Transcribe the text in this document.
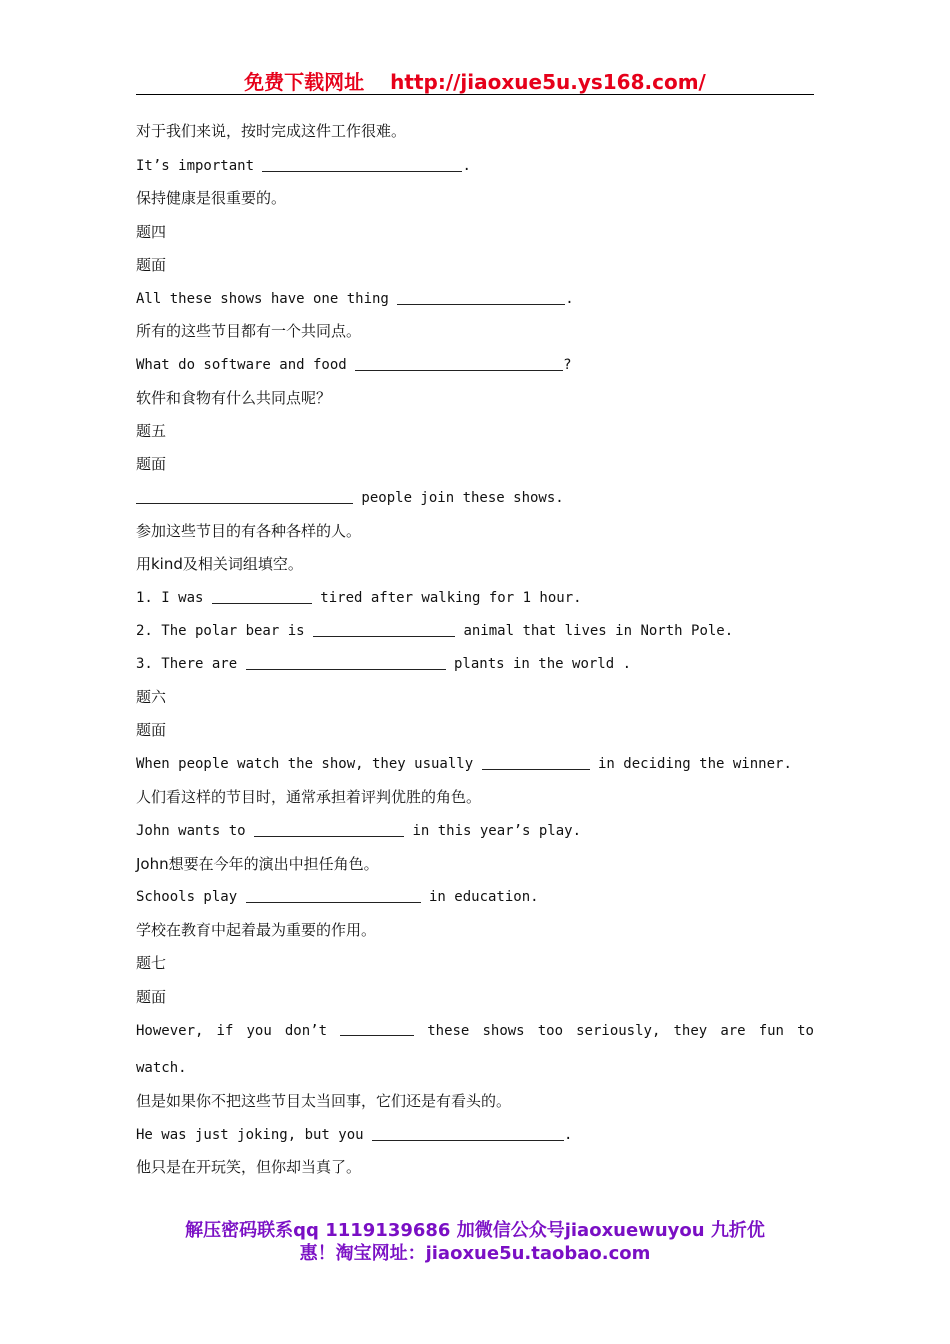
免费下载网址 http://jiaoxue5u.ys168.com/
对于我们来说，按时完成这件工作很难。
It’s important	.
保持健康是很重要的。
题四
题面
All these shows have one thing	.
所有的这些节目都有一个共同点。
What do software and food	?
软件和食物有什么共同点呢？
题五
题面
people join these shows.
参加这些节目的有各种各样的人。
用kind及相关词组填空。
1. I was	tired after walking for 1 hour.
2. The polar bear is	animal that lives in North Pole.
3. There are	plants in the world .
题六
题面
When people watch the show, they usually	in deciding the winner.
人们看这样的节目时，通常承担着评判优胜的角色。
John wants to	in this year’s play.
John想要在今年的演出中担任角色。
Schools play	in education.
学校在教育中起着最为重要的作用。
题七
题面
However, if you don’t	these shows too seriously, they are fun to
watch.
但是如果你不把这些节目太当回事，它们还是有看头的。
He was just joking, but you	.
他只是在开玩笑，但你却当真了。
解压密码联系qq 1119139686 加微信公众号jiaoxuewuyou 九折优
惠！淘宝网址：jiaoxue5u.taobao.com
